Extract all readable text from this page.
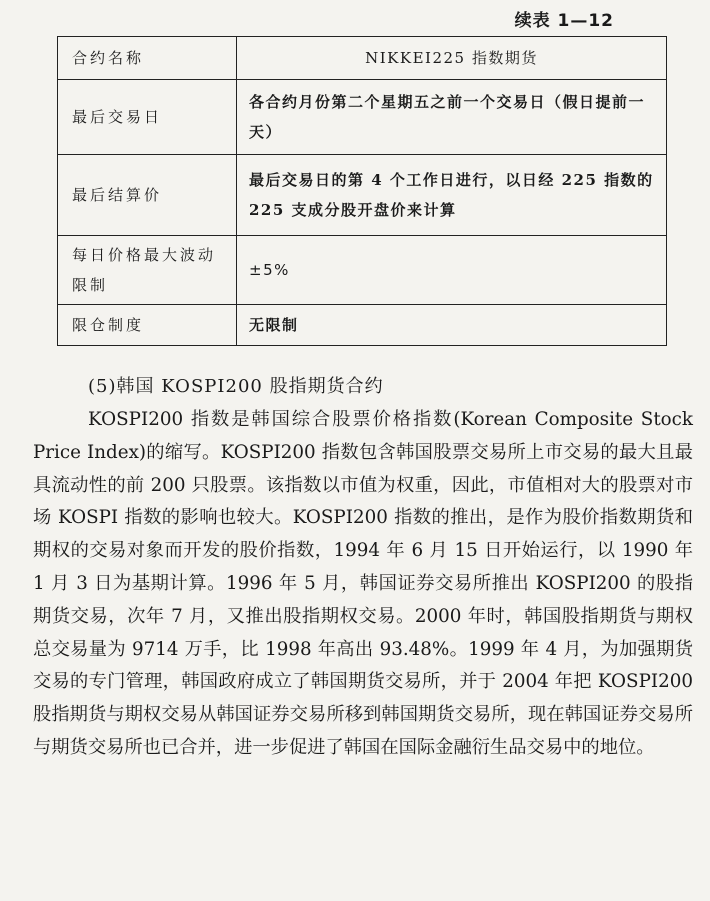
续表 1—12
合约名称	NIKKEI225 指数期货
最后交易日	各合约月份第二个星期五之前一个交易日（假日提前一天）
最后结算价	最后交易日的第 4 个工作日进行，以日经 225 指数的 225 支成分股开盘价来计算
每日价格最大波动限制	±5%
限仓制度	无限制
(5)韩国 KOSPI200 股指期货合约

KOSPI200 指数是韩国综合股票价格指数(Korean Composite Stock Price Index)的缩写。KOSPI200 指数包含韩国股票交易所上市交易的最大且最具流动性的前 200 只股票。该指数以市值为权重，因此，市值相对大的股票对市场 KOSPI 指数的影响也较大。KOSPI200 指数的推出，是作为股价指数期货和期权的交易对象而开发的股价指数，1994 年 6 月 15 日开始运行，以 1990 年 1 月 3 日为基期计算。1996 年 5 月，韩国证券交易所推出 KOSPI200 的股指期货交易，次年 7 月，又推出股指期权交易。2000 年时，韩国股指期货与期权总交易量为 9714 万手，比 1998 年高出 93.48%。1999 年 4 月，为加强期货交易的专门管理，韩国政府成立了韩国期货交易所，并于 2004 年把 KOSPI200 股指期货与期权交易从韩国证券交易所移到韩国期货交易所，现在韩国证券交易所与期货交易所也已合并，进一步促进了韩国在国际金融衍生品交易中的地位。
